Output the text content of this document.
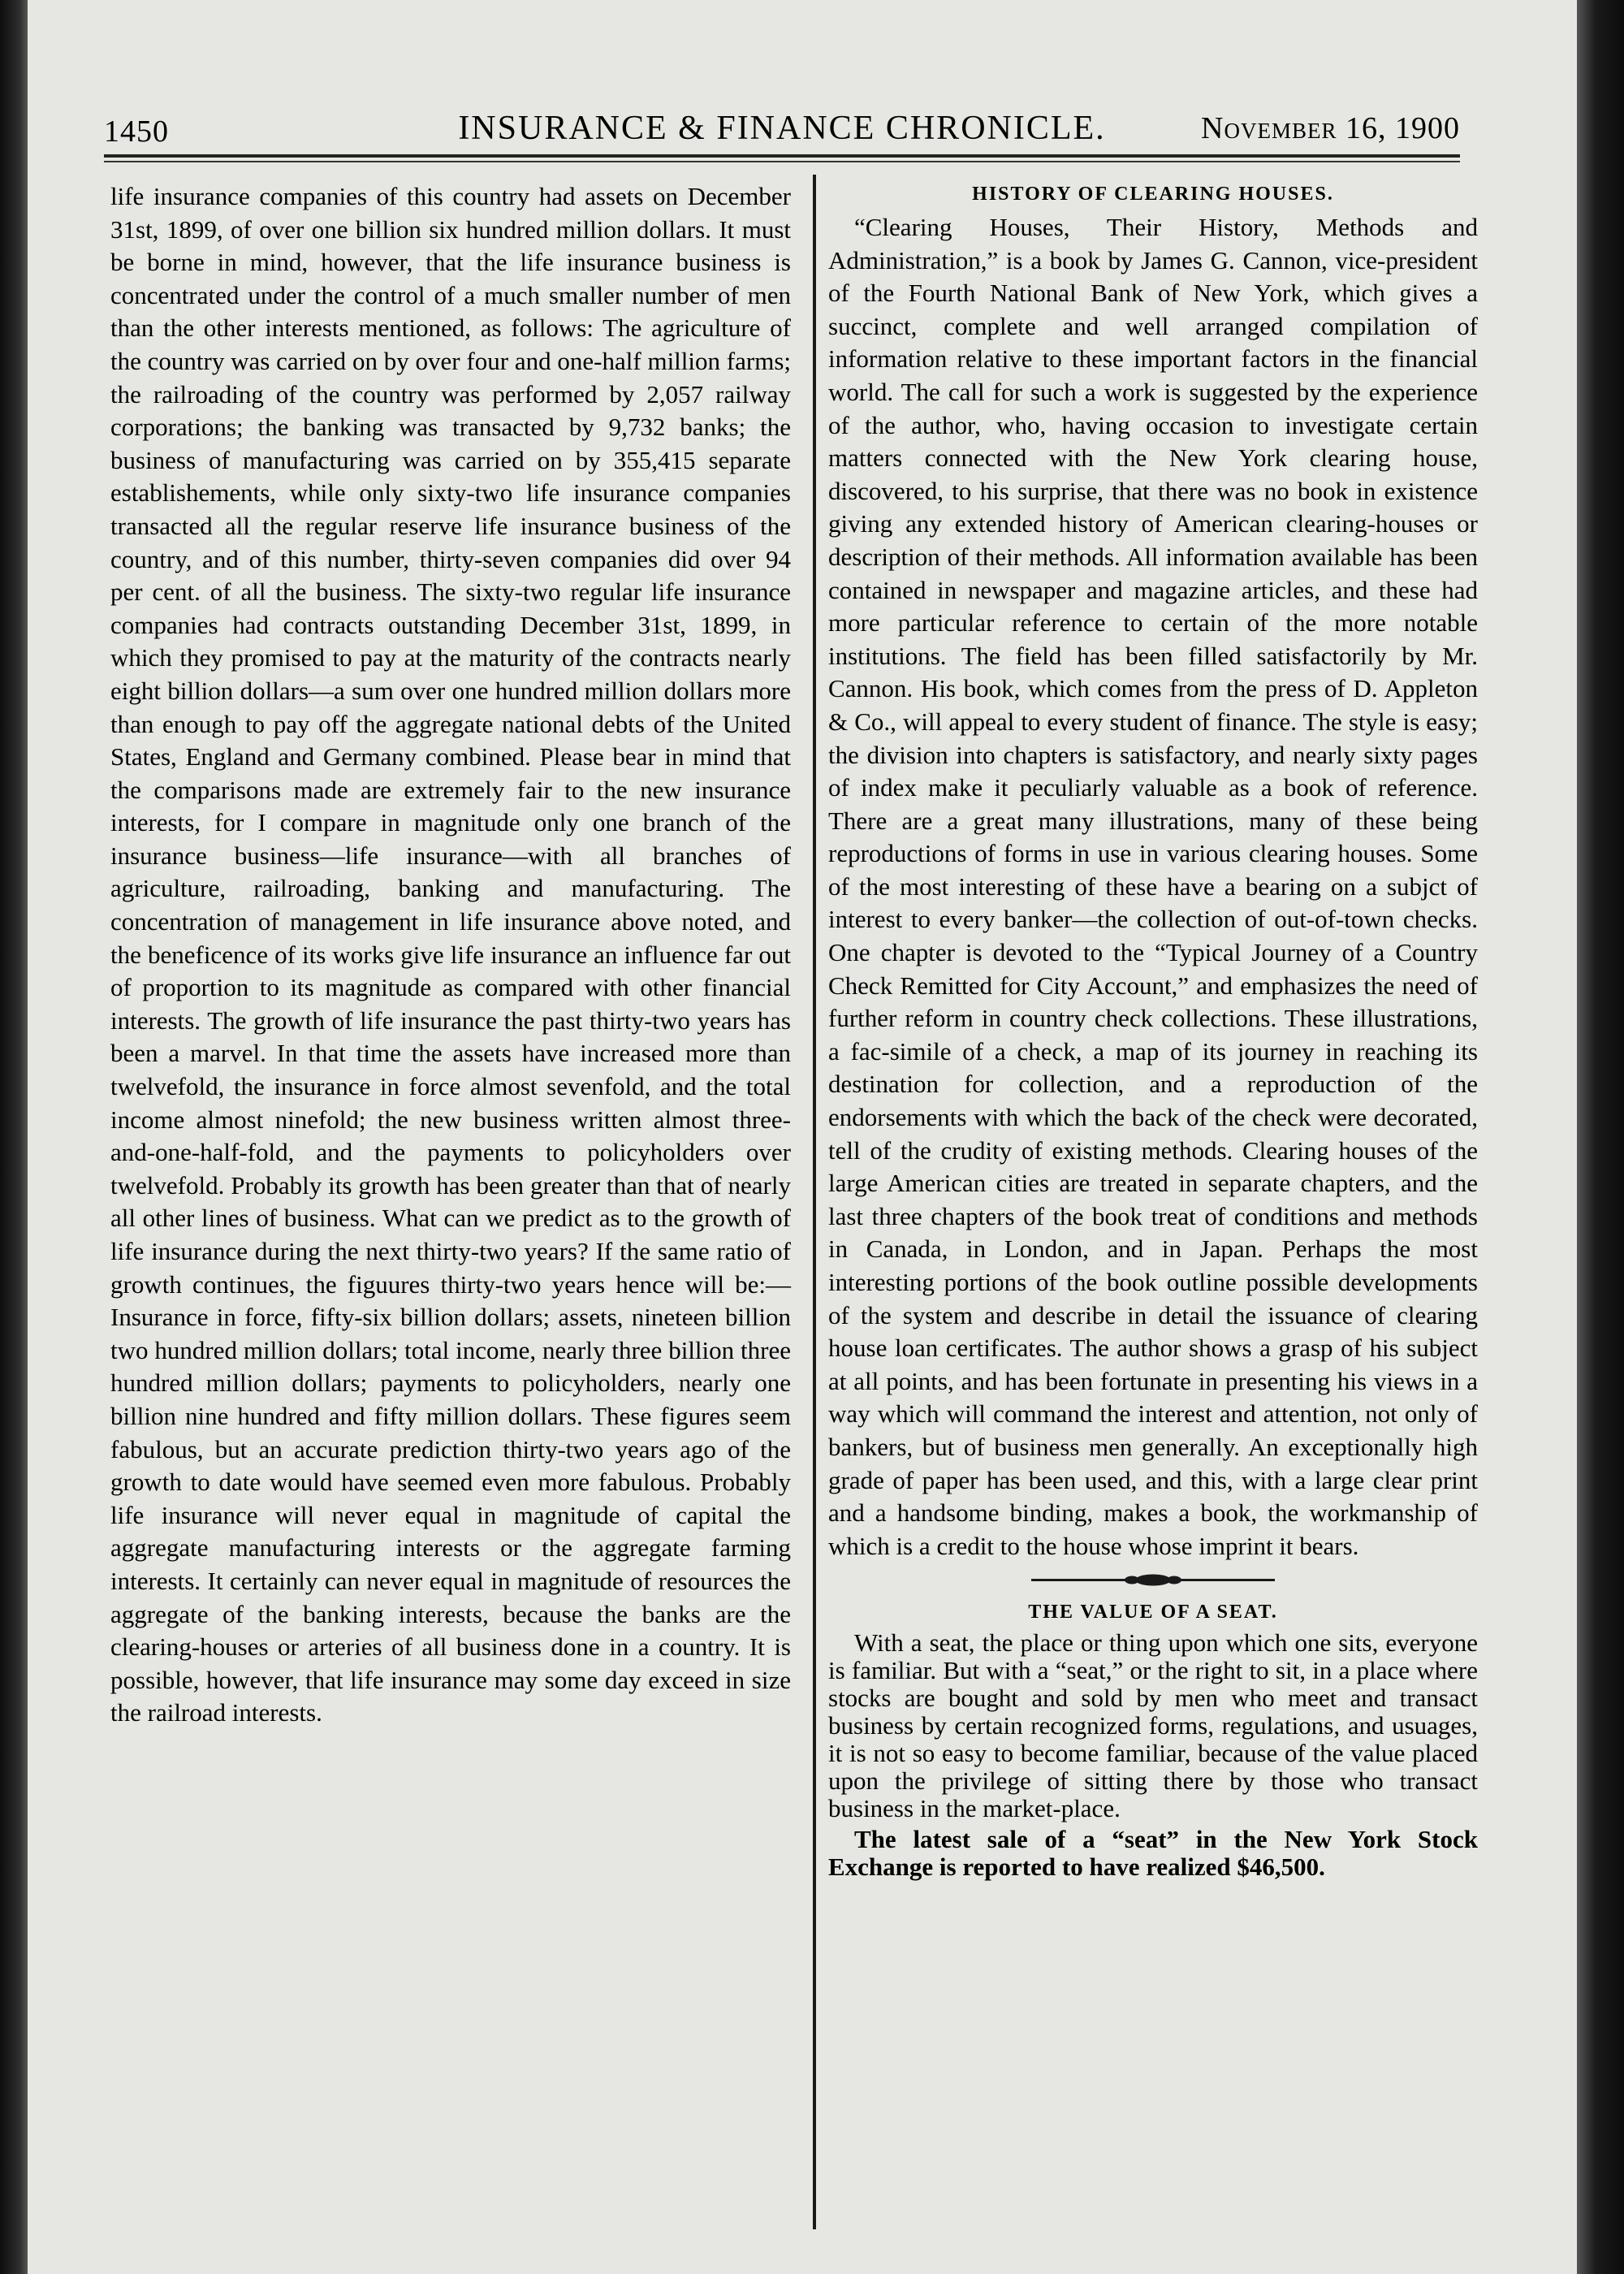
1450	INSURANCE & FINANCE CHRONICLE.	November 16, 1900

life insurance companies of this country had assets on December 31st, 1899, of over one billion six hundred million dollars. It must be borne in mind, however, that the life insurance business is concentrated under the control of a much smaller number of men than the other interests mentioned, as follows: The agriculture of the country was carried on by over four and one-half million farms; the railroading of the country was performed by 2,057 railway corporations; the banking was transacted by 9,732 banks; the business of manufacturing was carried on by 355,415 separate establishements, while only sixty-two life insurance companies transacted all the regular reserve life insurance business of the country, and of this number, thirty-seven companies did over 94 per cent. of all the business. The sixty-two regular life insurance companies had contracts outstanding December 31st, 1899, in which they promised to pay at the maturity of the contracts nearly eight billion dollars—a sum over one hundred million dollars more than enough to pay off the aggregate national debts of the United States, England and Germany combined. Please bear in mind that the comparisons made are extremely fair to the new insurance interests, for I compare in magnitude only one branch of the insurance business—life insurance—with all branches of agriculture, railroading, banking and manufacturing. The concentration of management in life insurance above noted, and the beneficence of its works give life insurance an influence far out of proportion to its magnitude as compared with other financial interests. The growth of life insurance the past thirty-two years has been a marvel. In that time the assets have increased more than twelvefold, the insurance in force almost sevenfold, and the total income almost ninefold; the new business written almost three-and-one-half-fold, and the payments to policyholders over twelvefold. Probably its growth has been greater than that of nearly all other lines of business. What can we predict as to the growth of life insurance during the next thirty-two years? If the same ratio of growth continues, the figuures thirty-two years hence will be:—Insurance in force, fifty-six billion dollars; assets, nineteen billion two hundred million dollars; total income, nearly three billion three hundred million dollars; payments to policyholders, nearly one billion nine hundred and fifty million dollars. These figures seem fabulous, but an accurate prediction thirty-two years ago of the growth to date would have seemed even more fabulous. Probably life insurance will never equal in magnitude of capital the aggregate manufacturing interests or the aggregate farming interests. It certainly can never equal in magnitude of resources the aggregate of the banking interests, because the banks are the clearing-houses or arteries of all business done in a country. It is possible, however, that life insurance may some day exceed in size the railroad interests.

HISTORY OF CLEARING HOUSES.

“Clearing Houses, Their History, Methods and Administration,” is a book by James G. Cannon, vice-president of the Fourth National Bank of New York, which gives a succinct, complete and well arranged compilation of information relative to these important factors in the financial world. The call for such a work is suggested by the experience of the author, who, having occasion to investigate certain matters connected with the New York clearing house, discovered, to his surprise, that there was no book in existence giving any extended history of American clearing-houses or description of their methods. All information available has been contained in newspaper and magazine articles, and these had more particular reference to certain of the more notable institutions. The field has been filled satisfactorily by Mr. Cannon. His book, which comes from the press of D. Appleton & Co., will appeal to every student of finance. The style is easy; the division into chapters is satisfactory, and nearly sixty pages of index make it peculiarly valuable as a book of reference. There are a great many illustrations, many of these being reproductions of forms in use in various clearing houses. Some of the most interesting of these have a bearing on a subjct of interest to every banker—the collection of out-of-town checks. One chapter is devoted to the “Typical Journey of a Country Check Remitted for City Account,” and emphasizes the need of further reform in country check collections. These illustrations, a fac-simile of a check, a map of its journey in reaching its destination for collection, and a reproduction of the endorsements with which the back of the check were decorated, tell of the crudity of existing methods. Clearing houses of the large American cities are treated in separate chapters, and the last three chapters of the book treat of conditions and methods in Canada, in London, and in Japan. Perhaps the most interesting portions of the book outline possible developments of the system and describe in detail the issuance of clearing house loan certificates. The author shows a grasp of his subject at all points, and has been fortunate in presenting his views in a way which will command the interest and attention, not only of bankers, but of business men generally. An exceptionally high grade of paper has been used, and this, with a large clear print and a handsome binding, makes a book, the workmanship of which is a credit to the house whose imprint it bears.

THE VALUE OF A SEAT.

With a seat, the place or thing upon which one sits, everyone is familiar. But with a “seat,” or the right to sit, in a place where stocks are bought and sold by men who meet and transact business by certain recognized forms, regulations, and usuages, it is not so easy to become familiar, because of the value placed upon the privilege of sitting there by those who transact business in the market-place.

The latest sale of a “seat” in the New York Stock Exchange is reported to have realized $46,500.
